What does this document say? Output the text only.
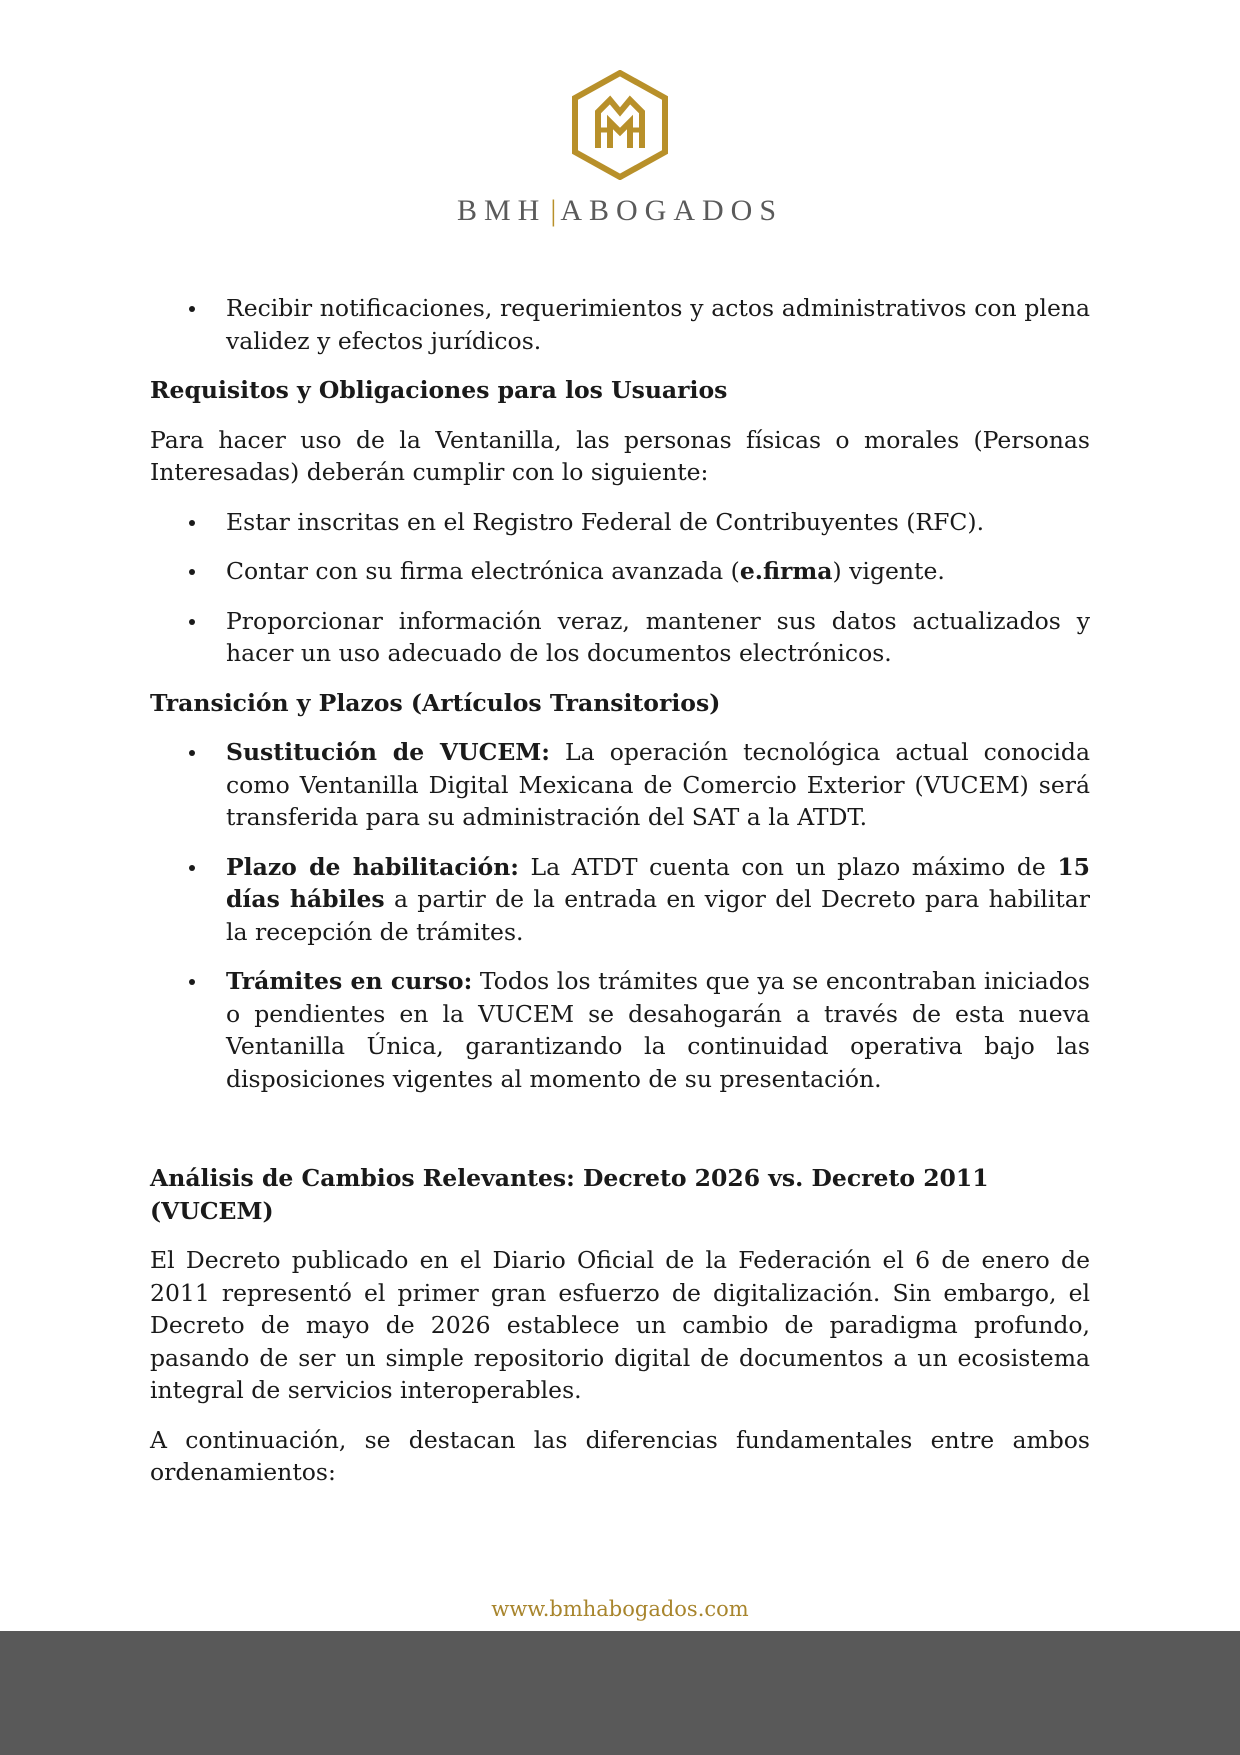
BMH | ABOGADOS
Recibir notificaciones, requerimientos y actos administrativos con plena validez y efectos jurídicos.

Requisitos y Obligaciones para los Usuarios

Para hacer uso de la Ventanilla, las personas físicas o morales (Personas Interesadas) deberán cumplir con lo siguiente:

Estar inscritas en el Registro Federal de Contribuyentes (RFC).
Contar con su firma electrónica avanzada (e.firma) vigente.
Proporcionar información veraz, mantener sus datos actualizados y hacer un uso adecuado de los documentos electrónicos.

Transición y Plazos (Artículos Transitorios)

Sustitución de VUCEM: La operación tecnológica actual conocida como Ventanilla Digital Mexicana de Comercio Exterior (VUCEM) será transferida para su administración del SAT a la ATDT.
Plazo de habilitación: La ATDT cuenta con un plazo máximo de 15 días hábiles a partir de la entrada en vigor del Decreto para habilitar la recepción de trámites.
Trámites en curso: Todos los trámites que ya se encontraban iniciados o pendientes en la VUCEM se desahogarán a través de esta nueva Ventanilla Única, garantizando la continuidad operativa bajo las disposiciones vigentes al momento de su presentación.

Análisis de Cambios Relevantes: Decreto 2026 vs. Decreto 2011 (VUCEM)

El Decreto publicado en el Diario Oficial de la Federación el 6 de enero de 2011 representó el primer gran esfuerzo de digitalización. Sin embargo, el Decreto de mayo de 2026 establece un cambio de paradigma profundo, pasando de ser un simple repositorio digital de documentos a un ecosistema integral de servicios interoperables.

A continuación, se destacan las diferencias fundamentales entre ambos ordenamientos:

www.bmhabogados.com
